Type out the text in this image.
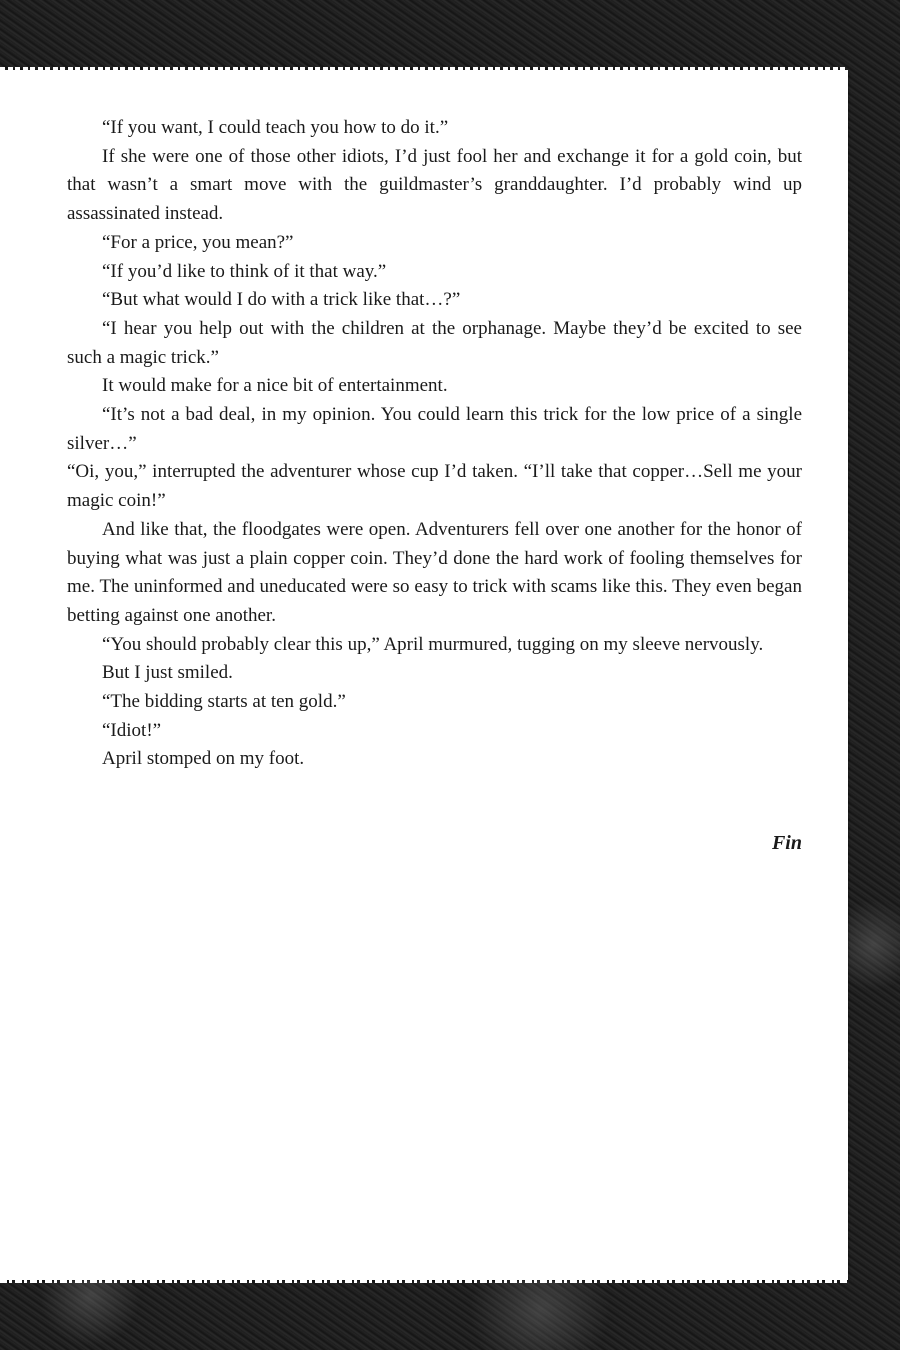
“If you want, I could teach you how to do it.”

If she were one of those other idiots, I’d just fool her and exchange it for a gold coin, but that wasn’t a smart move with the guildmaster’s granddaughter. I’d probably wind up assassinated instead.

“For a price, you mean?”

“If you’d like to think of it that way.”

“But what would I do with a trick like that…?”

“I hear you help out with the children at the orphanage. Maybe they’d be excited to see such a magic trick.”

It would make for a nice bit of entertainment.

“It’s not a bad deal, in my opinion. You could learn this trick for the low price of a single silver…”

“Oi, you,” interrupted the adventurer whose cup I’d taken. “I’ll take that copper…Sell me your magic coin!”

And like that, the floodgates were open. Adventurers fell over one another for the honor of buying what was just a plain copper coin. They’d done the hard work of fooling themselves for me. The uninformed and uneducated were so easy to trick with scams like this. They even began betting against one another.

“You should probably clear this up,” April murmured, tugging on my sleeve nervously.

But I just smiled.

“The bidding starts at ten gold.”

“Idiot!”

April stomped on my foot.

Fin
